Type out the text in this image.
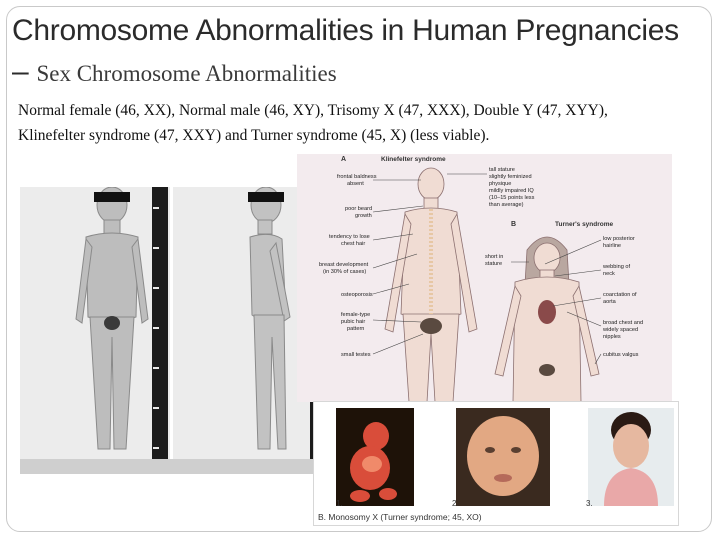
Chromosome Abnormalities in Human Pregnancies – Sex Chromosome Abnormalities
Normal female (46, XX), Normal male (46, XY), Trisomy X (47, XXX), Double Y (47, XYY), Klinefelter syndrome (47, XXY) and Turner syndrome (45, X) (less viable).
A	Klinefelter syndrome
frontal baldness
absent
tall stature
slightly feminized
physique
mildly impaired IQ
(10–15 points less
than average)
poor beard
growth
tendency to lose
chest hair
breast development
(in 30% of cases)
osteoporosis
female-type
pubic hair
pattern
small testes
B	Turner's syndrome
short in
stature
low posterior
hairline
webbing of
neck
coarctation of
aorta
broad chest and
widely spaced
nipples
cubitus valgus
1.	2.	3.
B. Monosomy X (Turner syndrome; 45, XO)
